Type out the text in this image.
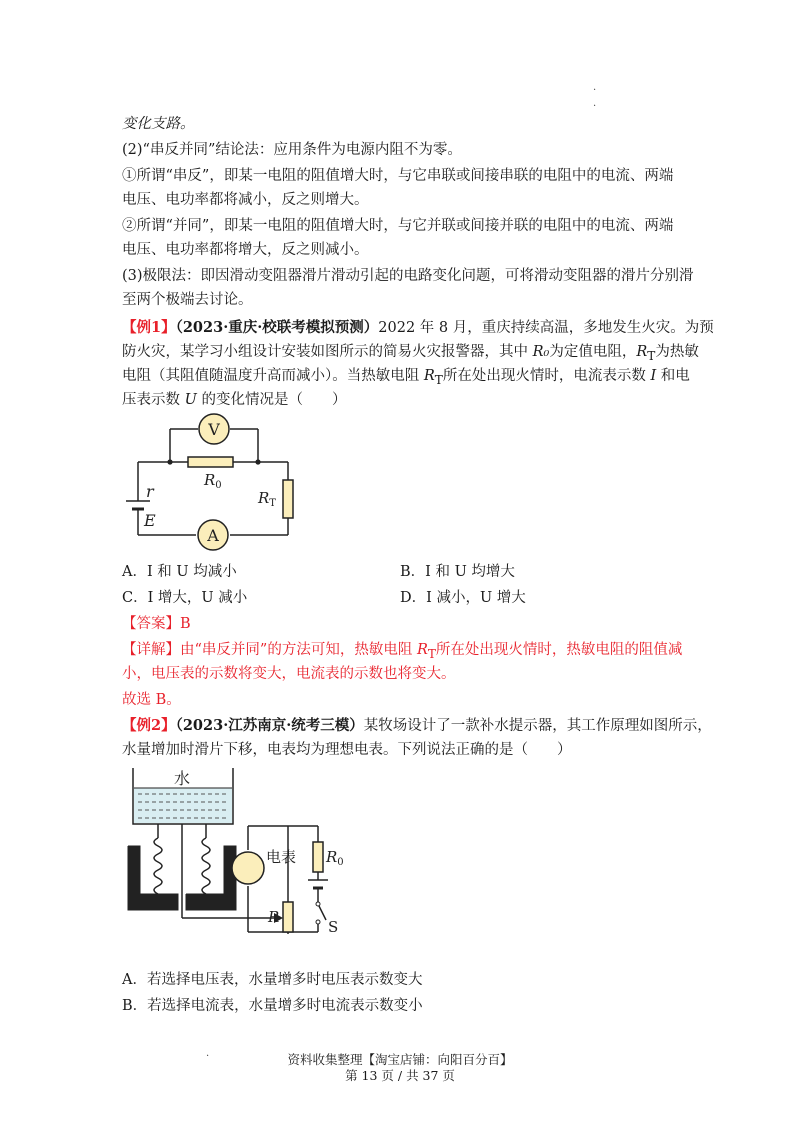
.
.
变化支路。
(2)“串反并同”结论法：应用条件为电源内阻不为零。
①所谓“串反”，即某一电阻的阻值增大时，与它串联或间接串联的电阻中的电流、两端
电压、电功率都将减小，反之则增大。
②所谓“并同”，即某一电阻的阻值增大时，与它并联或间接并联的电阻中的电流、两端
电压、电功率都将增大，反之则减小。
(3)极限法：即因滑动变阻器滑片滑动引起的电路变化问题，可将滑动变阻器的滑片分别滑
至两个极端去讨论。
【例1】（2023·重庆·校联考模拟预测）2022 年 8 月，重庆持续高温，多地发生火灾。为预
防火灾，某学习小组设计安装如图所示的简易火灾报警器，其中 R₀为定值电阻，$R_T$为热敏
电阻（其阻值随温度升高而减小）。当热敏电阻 $R_T$所在处出现火情时，电流表示数 I 和电
压表示数 U 的变化情况是（　　）
V
A
$R_0$
$R_T$
r
E
A．I 和 U 均减小	B．I 和 U 均增大
C．I 增大，U 减小	D．I 减小，U 增大
【答案】B
【详解】由“串反并同”的方法可知，热敏电阻 $R_T$所在处出现火情时，热敏电阻的阻值减
小，电压表的示数将变大，电流表的示数也将变大。
故选 B。
【例2】（2023·江苏南京·统考三模）某牧场设计了一款补水提示器，其工作原理如图所示，
水量增加时滑片下移，电表均为理想电表。下列说法正确的是（　　）
水
电表
R
$R_0$
S
A．若选择电压表，水量增多时电压表示数变大
B．若选择电流表，水量增多时电流表示数变小
.	资料收集整理【淘宝店铺：向阳百分百】
第 13 页 / 共 37 页
